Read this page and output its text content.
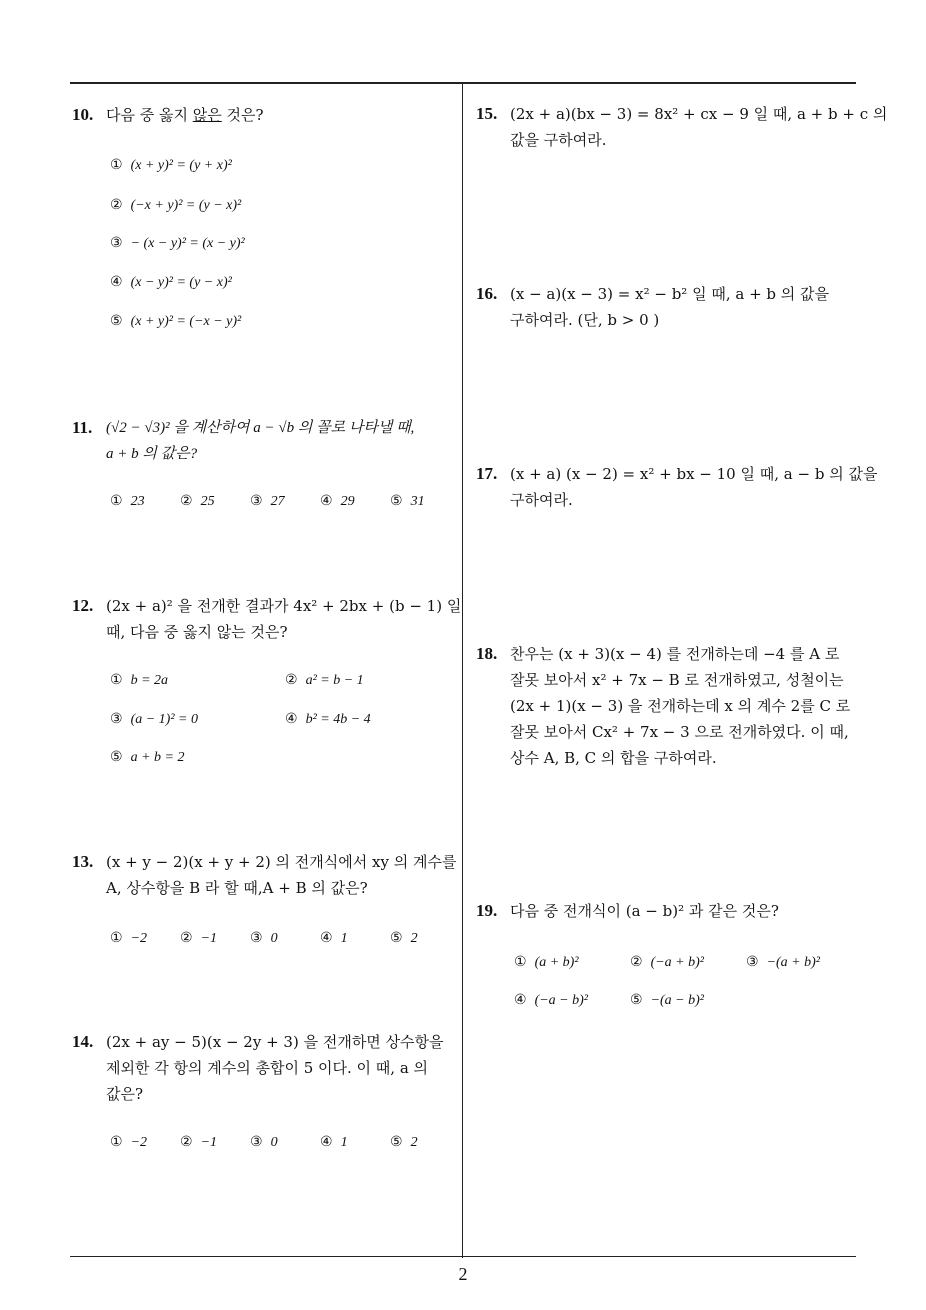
10. 다음 중 옳지 않은 것은?
① (x + y)² = (y + x)²
② (−x + y)² = (y − x)²
③ − (x − y)² = (x − y)²
④ (x − y)² = (y − x)²
⑤ (x + y)² = (−x − y)²
11. (√2 − √3)² 을 계산하여 a − √b 의 꼴로 나타낼 때,
a + b 의 값은?
① 23	② 25	③ 27	④ 29	⑤ 31
12. (2x + a)² 을 전개한 결과가 4x² + 2bx + (b − 1) 일
때, 다음 중 옳지 않는 것은?
① b = 2a	② a² = b − 1
③ (a − 1)² = 0	④ b² = 4b − 4
⑤ a + b = 2
13. (x + y − 2)(x + y + 2) 의 전개식에서 xy 의 계수를
A, 상수항을 B 라 할 때,A + B 의 값은?
① −2 ② −1 ③ 0	④ 1	⑤ 2
14. (2x + ay − 5)(x − 2y + 3) 을 전개하면 상수항을
제외한 각 항의 계수의 총합이 5 이다. 이 때, a 의
값은?
① −2 ② −1 ③ 0	④ 1	⑤ 2
15. (2x + a)(bx − 3) = 8x² + cx − 9 일 때, a + b + c 의
값을 구하여라.
16. (x − a)(x − 3) = x² − b² 일 때, a + b 의 값을
구하여라. (단, b > 0 )
17. (x + a) (x − 2) = x² + bx − 10 일 때, a − b 의 값을
구하여라.
18. 찬우는 (x + 3)(x − 4) 를 전개하는데 −4 를 A 로
잘못 보아서 x² + 7x − B 로 전개하였고, 성철이는
(2x + 1)(x − 3) 을 전개하는데 x 의 계수 2를 C 로
잘못 보아서 Cx² + 7x − 3 으로 전개하였다. 이 때,
상수 A, B, C 의 합을 구하여라.
19. 다음 중 전개식이 (a − b)² 과 같은 것은?
① (a + b)²	② (−a + b)²	③ −(a + b)²
④ (−a − b)²	⑤ −(a − b)²
2
